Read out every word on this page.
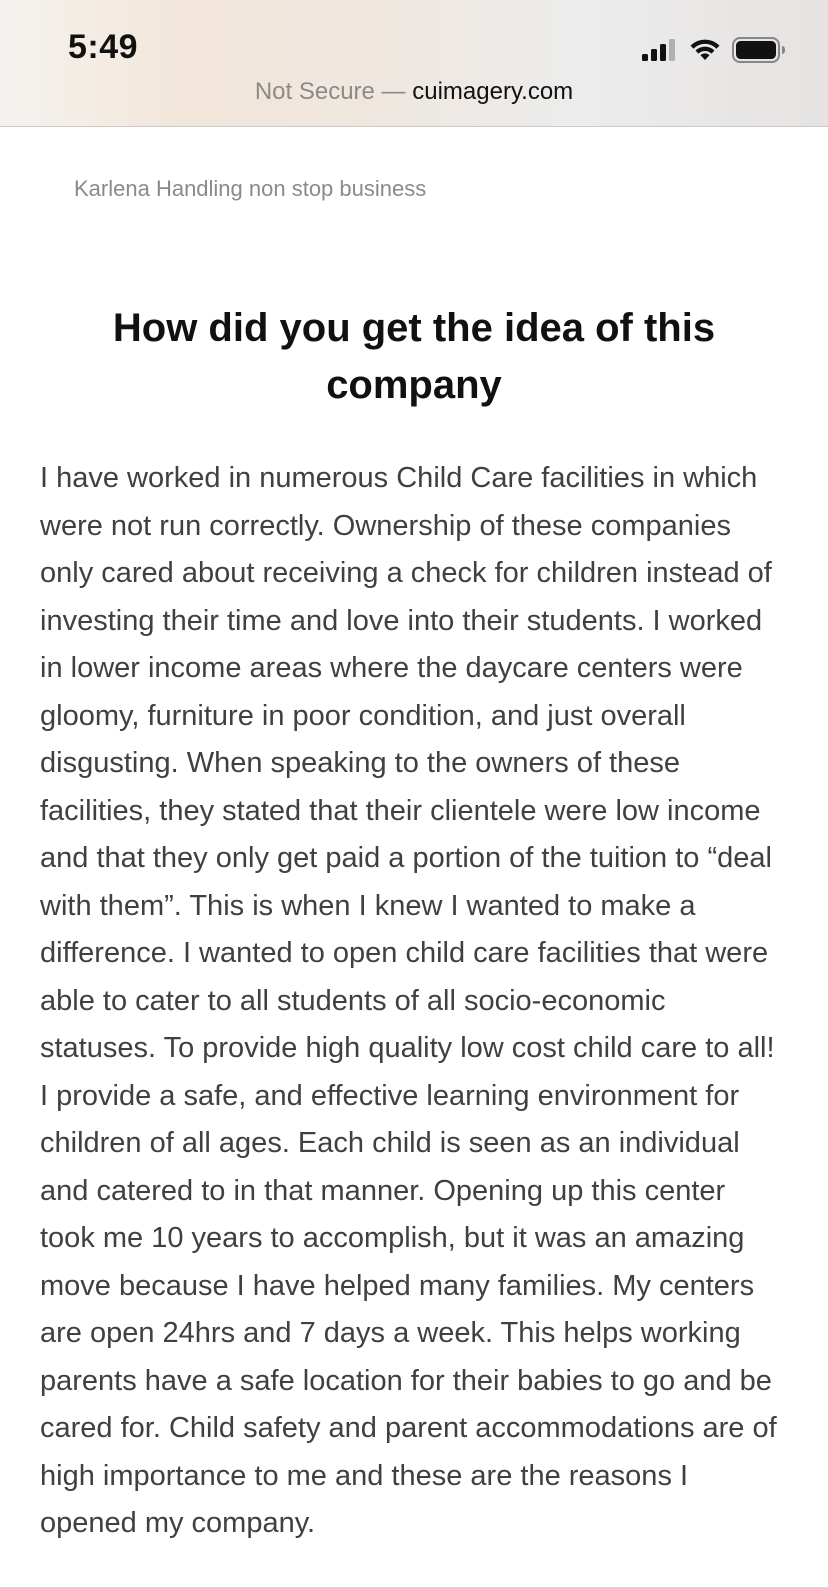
5:49
Not Secure — cuimagery.com
Karlena Handling non stop business
How did you get the idea of this company

I have worked in numerous Child Care facilities in which were not run correctly. Ownership of these companies only cared about receiving a check for children instead of investing their time and love into their students. I worked in lower income areas where the daycare centers were gloomy, furniture in poor condition, and just overall disgusting. When speaking to the owners of these facilities, they stated that their clientele were low income and that they only get paid a portion of the tuition to “deal with them”. This is when I knew I wanted to make a difference. I wanted to open child care facilities that were able to cater to all students of all socio-economic statuses. To provide high quality low cost child care to all! I provide a safe, and effective learning environment for children of all ages. Each child is seen as an individual and catered to in that manner. Opening up this center took me 10 years to accomplish, but it was an amazing move because I have helped many families. My centers are open 24hrs and 7 days a week. This helps working parents have a safe location for their babies to go and be cared for. Child safety and parent accommodations are of high importance to me and these are the reasons I opened my company.
